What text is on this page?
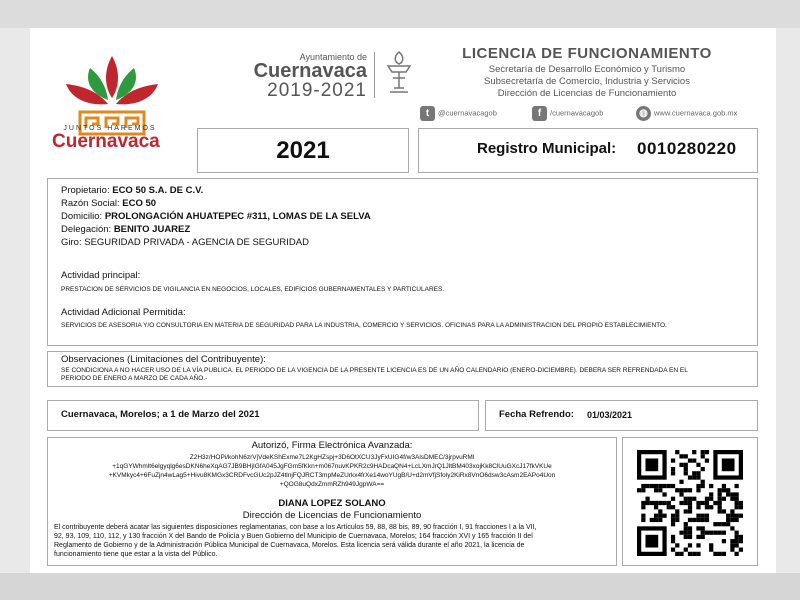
JUNTOS HAREMOS
Cuernavaca
Ayuntamiento de
Cuernavaca
2019-2021
LICENCIA DE FUNCIONAMIENTO
Secretaría de Desarrollo Económico y Turismo
Subsecretaría de Comercio, Industria y Servicios
Dirección de Licencias de Funcionamiento
t @cuernavacagob	f /cuernavacagob	◍ www.cuernavaca.gob.mx
2021	Registro Municipal: 0010280220
Propietario: ECO 50 S.A. DE C.V.
Razón Social: ECO 50
Domicilio: PROLONGACIÓN AHUATEPEC #311, LOMAS DE LA SELVA
Delegación: BENITO JUAREZ
Giro: SEGURIDAD PRIVADA - AGENCIA DE SEGURIDAD
Actividad principal:
PRESTACION DE SERVICIOS DE VIGILANCIA EN NEGOCIOS, LOCALES, EDIFICIOS GUBERNAMENTALES Y PARTICULARES.
Actividad Adicional Permitida:
SERVICIOS DE ASESORIA Y/O CONSULTORIA EN MATERIA DE SEGURIDAD PARA LA INDUSTRIA, COMERCIO Y SERVICIOS. OFICINAS PARA LA ADMINISTRACION DEL PROPIO ESTABLECIMIENTO.
Observaciones (Limitaciones del Contribuyente):
SE CONDICIONA A NO HACER USO DE LA VÍA PUBLICA. EL PERIODO DE LA VIGENCIA DE LA PRESENTE LICENCIA ES DE UN AÑO CALENDARIO (ENERO-DICIEMBRE). DEBERA SER REFRENDADA EN EL
PERIODO DE ENERO A MARZO DE CADA AÑO.-
Cuernavaca, Morelos; a 1 de Marzo del 2021	Fecha Refrendo: 01/03/2021
Autorizó, Firma Electrónica Avanzada:
Z2H3z/HOPi/kohN6zrVjVdeKShExme7L2KgHZspj+3D6OtXCU3JyFxUIG4f/w3AlsDMEC/3jrpvuRMl
+1qGYWhmlt6elgyqlg6esDKN6heXqAG7JB9BHjIGfA045JgFGm5fKkn+m067nuvKPKR2c9HADcaQN4+LcLXmJrQ1JltBM403xojKk8ClUuGXcJ17fkVKUe
+KVMkyc4+6FuZjn4wLag5+Hivu8KMGx3CRDFvcGUc2pJZ4tlnjFQJRCT3mpMeZUrkx4frXe14woYUgB/U+d2mVfjSfoly2KiRx8VnO6dsw3cAsm2EAPo4Uon
+QOG8uQdxZmmRZh949JgpWA==
DIANA LOPEZ SOLANO
Dirección de Licencias de Funcionamiento
El contribuyente deberá acatar las siguientes disposiciones reglamentarias, con base a los Artículos 59, 88, 88 bis, 89, 90 fracción I, 91 fracciones I a la VII,
92, 93, 109, 110, 112, y 130 fracción X del Bando de Policía y Buen Gobierno del Municipio de Cuernavaca, Morelos; 164 fracción XVI y 165 fracción II del
Reglamento de Gobierno y de la Administración Pública Municipal de Cuernavaca, Morelos. Esta licencia será válida durante el año 2021, la licencia de
funcionamiento tiene que estar a la vista del Público.
